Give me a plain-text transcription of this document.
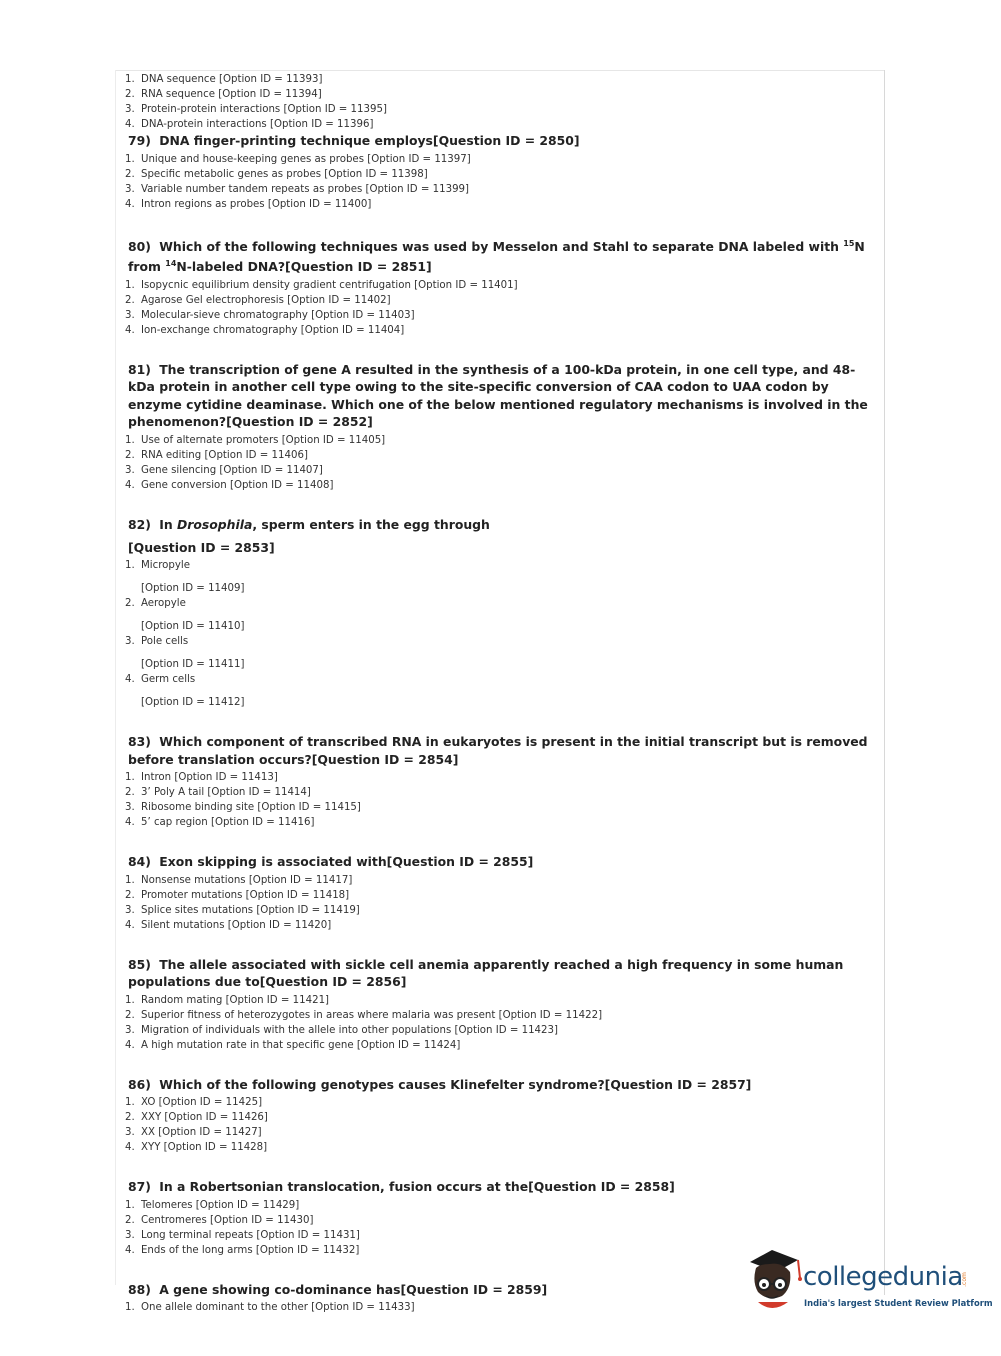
1. DNA sequence [Option ID = 11393]
2. RNA sequence [Option ID = 11394]
3. Protein-protein interactions [Option ID = 11395]
4. DNA-protein interactions [Option ID = 11396]
79) DNA finger-printing technique employs[Question ID = 2850]
1. Unique and house-keeping genes as probes [Option ID = 11397]
2. Specific metabolic genes as probes [Option ID = 11398]
3. Variable number tandem repeats as probes [Option ID = 11399]
4. Intron regions as probes [Option ID = 11400]
80) Which of the following techniques was used by Messelon and Stahl to separate DNA labeled with $^{15}$N from $^{14}$N-labeled DNA?[Question ID = 2851]
1. Isopycnic equilibrium density gradient centrifugation [Option ID = 11401]
2. Agarose Gel electrophoresis [Option ID = 11402]
3. Molecular-sieve chromatography [Option ID = 11403]
4. Ion-exchange chromatography [Option ID = 11404]
81) The transcription of gene A resulted in the synthesis of a 100-kDa protein, in one cell type, and 48-kDa protein in another cell type owing to the site-specific conversion of CAA codon to UAA codon by enzyme cytidine deaminase. Which one of the below mentioned regulatory mechanisms is involved in the phenomenon?[Question ID = 2852]
1. Use of alternate promoters [Option ID = 11405]
2. RNA editing [Option ID = 11406]
3. Gene silencing [Option ID = 11407]
4. Gene conversion [Option ID = 11408]
82) In Drosophila, sperm enters in the egg through
[Question ID = 2853]
1. Micropyle
[Option ID = 11409]
2. Aeropyle
[Option ID = 11410]
3. Pole cells
[Option ID = 11411]
4. Germ cells
[Option ID = 11412]
83) Which component of transcribed RNA in eukaryotes is present in the initial transcript but is removed before translation occurs?[Question ID = 2854]
1. Intron [Option ID = 11413]
2. 3’ Poly A tail [Option ID = 11414]
3. Ribosome binding site [Option ID = 11415]
4. 5’ cap region [Option ID = 11416]
84) Exon skipping is associated with[Question ID = 2855]
1. Nonsense mutations [Option ID = 11417]
2. Promoter mutations [Option ID = 11418]
3. Splice sites mutations [Option ID = 11419]
4. Silent mutations [Option ID = 11420]
85) The allele associated with sickle cell anemia apparently reached a high frequency in some human populations due to[Question ID = 2856]
1. Random mating [Option ID = 11421]
2. Superior fitness of heterozygotes in areas where malaria was present [Option ID = 11422]
3. Migration of individuals with the allele into other populations [Option ID = 11423]
4. A high mutation rate in that specific gene [Option ID = 11424]
86) Which of the following genotypes causes Klinefelter syndrome?[Question ID = 2857]
1. XO [Option ID = 11425]
2. XXY [Option ID = 11426]
3. XX [Option ID = 11427]
4. XYY [Option ID = 11428]
87) In a Robertsonian translocation, fusion occurs at the[Question ID = 2858]
1. Telomeres [Option ID = 11429]
2. Centromeres [Option ID = 11430]
3. Long terminal repeats [Option ID = 11431]
4. Ends of the long arms [Option ID = 11432]
88) A gene showing co-dominance has[Question ID = 2859]
1. One allele dominant to the other [Option ID = 11433]
collegedunia
.com
India's largest Student Review Platform
